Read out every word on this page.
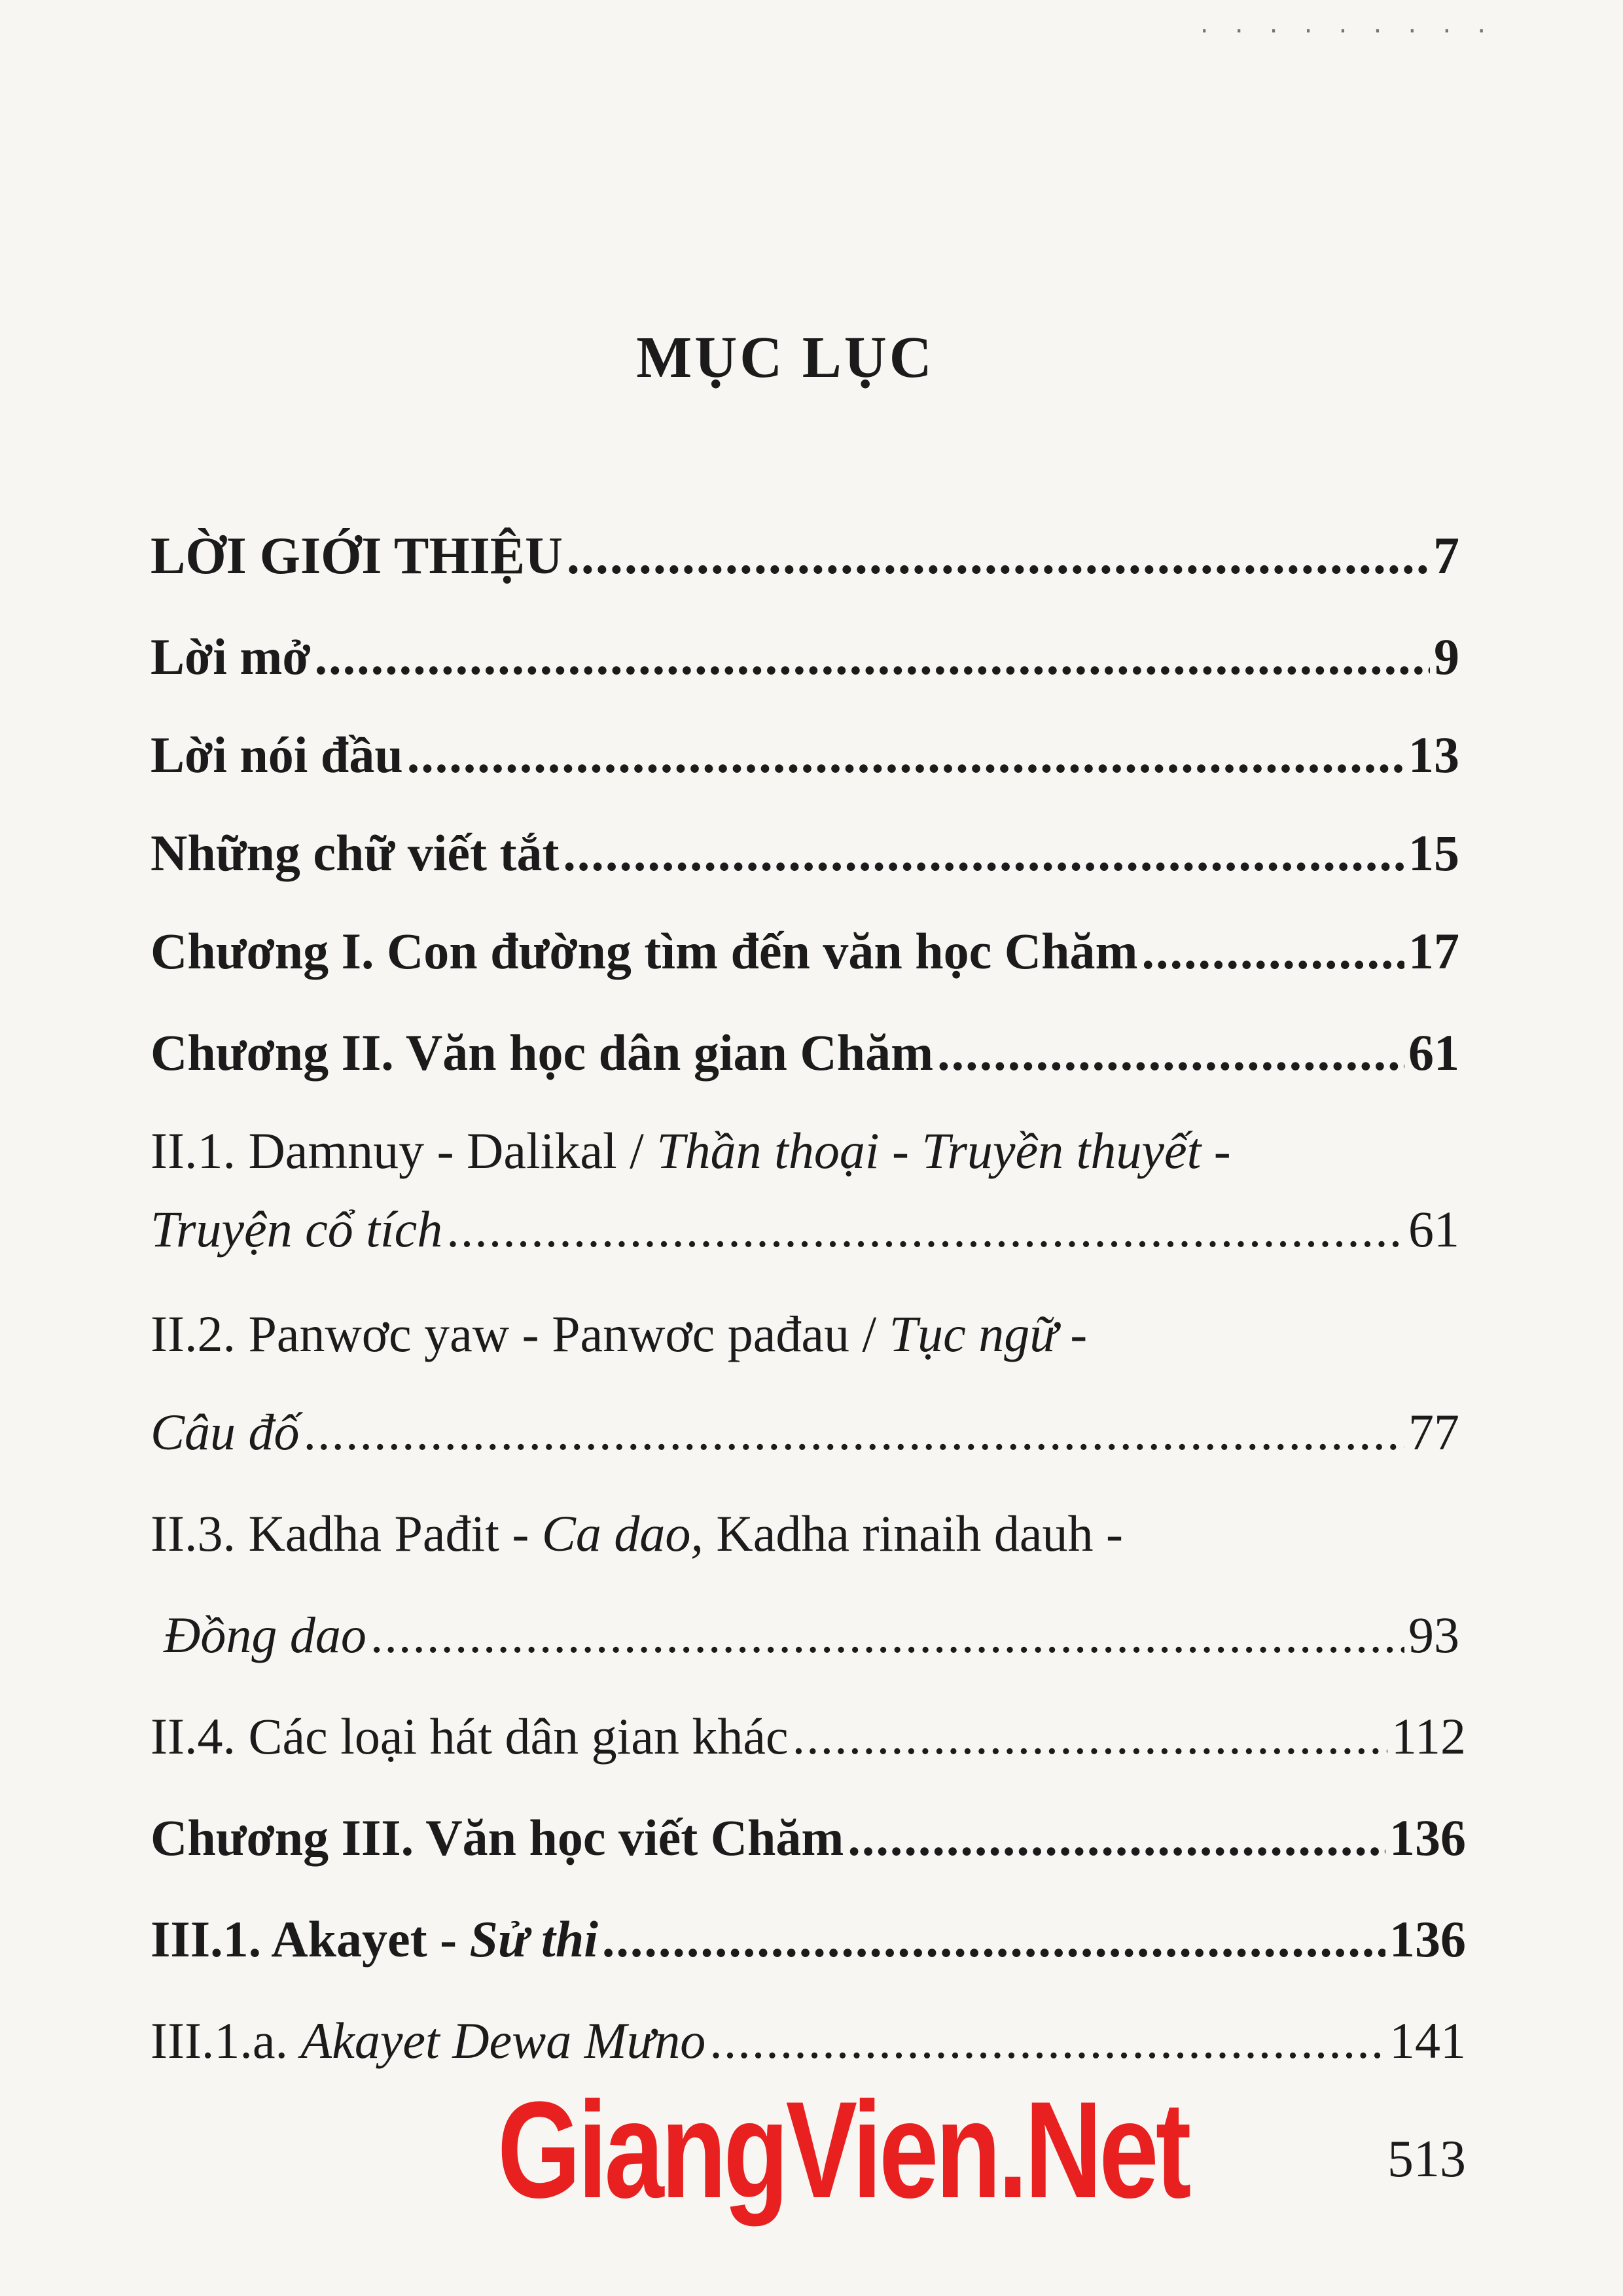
· · · · · · · · ·
MỤC LỤC
LỜI GIỚI THIỆU .....	7
Lời mở .....	9
Lời nói đầu .....	13
Những chữ viết tắt .....	15
Chương I. Con đường tìm đến văn học Chăm .....	17
Chương II. Văn học dân gian Chăm .....	61
II.1. Damnuy - Dalikal / Thần thoại - Truyền thuyết -
Truyện cổ tích .....	61
II.2. Panwơc yaw - Panwơc pađau / Tục ngữ -
Câu đố .....	77
II.3. Kadha Pađit - Ca dao, Kadha rinaih dauh -
Đồng dao .....	93
II.4. Các loại hát dân gian khác .....	112
Chương III. Văn học viết Chăm .....	136
III.1. Akayet - Sử thi .....	136
III.1.a. Akayet Dewa Mưno .....	141
GiangVien.Net	513
